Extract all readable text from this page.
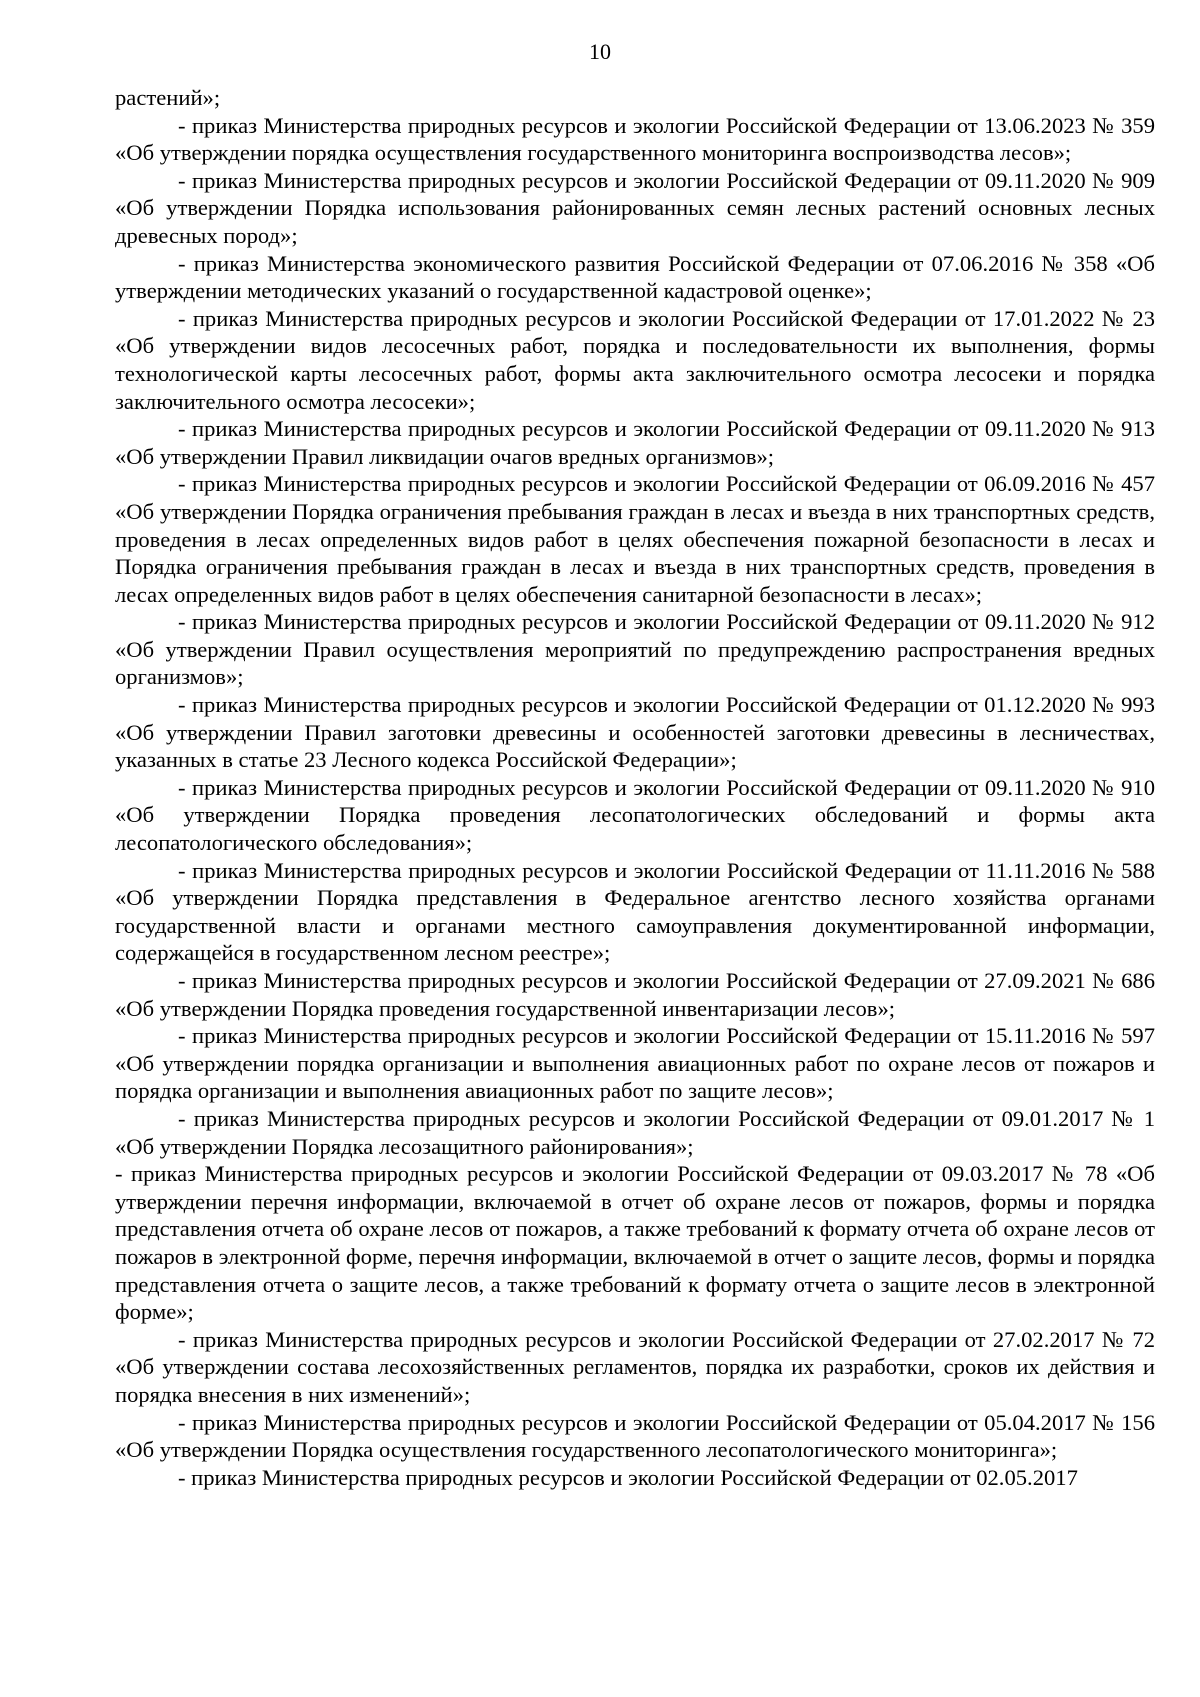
10

растений»;

- приказ Министерства природных ресурсов и экологии Российской Федерации от 13.06.2023 № 359 «Об утверждении порядка осуществления государственного мониторинга воспроизводства лесов»;

- приказ Министерства природных ресурсов и экологии Российской Федерации от 09.11.2020 № 909 «Об утверждении Порядка использования районированных семян лесных растений основных лесных древесных пород»;

- приказ Министерства экономического развития Российской Федерации от 07.06.2016 № 358 «Об утверждении методических указаний о государственной кадастровой оценке»;

- приказ Министерства природных ресурсов и экологии Российской Федерации от 17.01.2022 № 23 «Об утверждении видов лесосечных работ, порядка и последовательности их выполнения, формы технологической карты лесосечных работ, формы акта заключительного осмотра лесосеки и порядка заключительного осмотра лесосеки»;

- приказ Министерства природных ресурсов и экологии Российской Федерации от 09.11.2020 № 913 «Об утверждении Правил ликвидации очагов вредных организмов»;

- приказ Министерства природных ресурсов и экологии Российской Федерации от 06.09.2016 № 457 «Об утверждении Порядка ограничения пребывания граждан в лесах и въезда в них транспортных средств, проведения в лесах определенных видов работ в целях обеспечения пожарной безопасности в лесах и Порядка ограничения пребывания граждан в лесах и въезда в них транспортных средств, проведения в лесах определенных видов работ в целях обеспечения санитарной безопасности в лесах»;

- приказ Министерства природных ресурсов и экологии Российской Федерации от 09.11.2020 № 912 «Об утверждении Правил осуществления мероприятий по предупреждению распространения вредных организмов»;

- приказ Министерства природных ресурсов и экологии Российской Федерации от 01.12.2020 № 993 «Об утверждении Правил заготовки древесины и особенностей заготовки древесины в лесничествах, указанных в статье 23 Лесного кодекса Российской Федерации»;

- приказ Министерства природных ресурсов и экологии Российской Федерации от 09.11.2020 № 910 «Об утверждении Порядка проведения лесопатологических обследований и формы акта лесопатологического обследования»;

- приказ Министерства природных ресурсов и экологии Российской Федерации от 11.11.2016 № 588 «Об утверждении Порядка представления в Федеральное агентство лесного хозяйства органами государственной власти и органами местного самоуправления документированной информации, содержащейся в государственном лесном реестре»;

- приказ Министерства природных ресурсов и экологии Российской Федерации от 27.09.2021 № 686 «Об утверждении Порядка проведения государственной инвентаризации лесов»;

- приказ Министерства природных ресурсов и экологии Российской Федерации от 15.11.2016 № 597 «Об утверждении порядка организации и выполнения авиационных работ по охране лесов от пожаров и порядка организации и выполнения авиационных работ по защите лесов»;

- приказ Министерства природных ресурсов и экологии Российской Федерации от 09.01.2017 № 1 «Об утверждении Порядка лесозащитного районирования»;

- приказ Министерства природных ресурсов и экологии Российской Федерации от 09.03.2017 № 78 «Об утверждении перечня информации, включаемой в отчет об охране лесов от пожаров, формы и порядка представления отчета об охране лесов от пожаров, а также требований к формату отчета об охране лесов от пожаров в электронной форме, перечня информации, включаемой в отчет о защите лесов, формы и порядка представления отчета о защите лесов, а также требований к формату отчета о защите лесов в электронной форме»;

- приказ Министерства природных ресурсов и экологии Российской Федерации от 27.02.2017 № 72 «Об утверждении состава лесохозяйственных регламентов, порядка их разработки, сроков их действия и порядка внесения в них изменений»;

- приказ Министерства природных ресурсов и экологии Российской Федерации от 05.04.2017 № 156 «Об утверждении Порядка осуществления государственного лесопатологического мониторинга»;

- приказ Министерства природных ресурсов и экологии Российской Федерации от 02.05.2017
